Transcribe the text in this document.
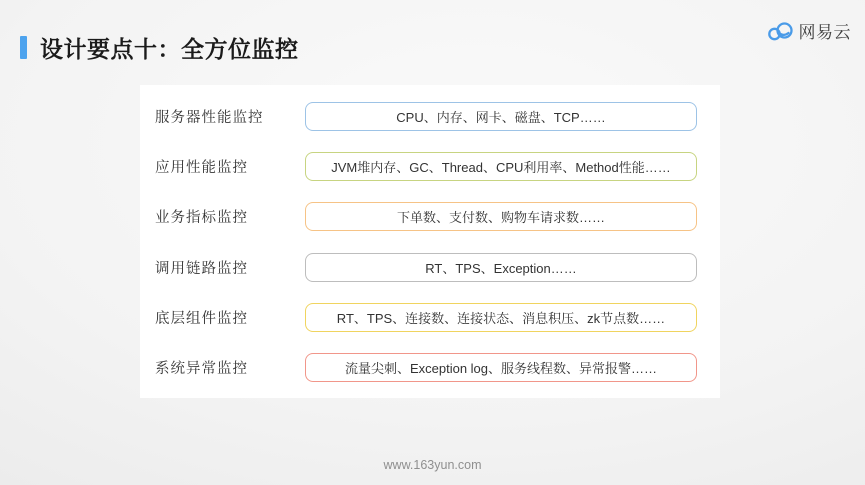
设计要点十：全方位监控
网易云
服务器性能监控	CPU、内存、网卡、磁盘、TCP……
应用性能监控	JVM堆内存、GC、Thread、CPU利用率、Method性能……
业务指标监控	下单数、支付数、购物车请求数……
调用链路监控	RT、TPS、Exception……
底层组件监控	RT、TPS、连接数、连接状态、消息积压、zk节点数……
系统异常监控	流量尖刺、Exception log、服务线程数、异常报警……
www.163yun.com
